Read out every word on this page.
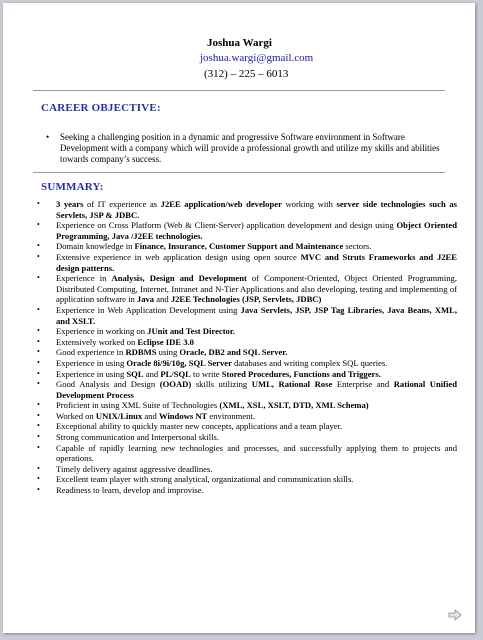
Joshua Wargi
joshua.wargi@gmail.com
(312) – 225 – 6013
CAREER OBJECTIVE:
• Seeking a challenging position in a dynamic and progressive Software environment in Software Development with a company which will provide a professional growth and utilize my skills and abilities towards company’s success.
SUMMARY:
• 3 years of IT experience as J2EE application/web developer working with server side technologies such as Servlets, JSP & JDBC.
• Experience on Cross Platform (Web & Client-Server) application development and design using Object Oriented Programming, Java /J2EE technologies.
• Domain knowledge in Finance, Insurance, Customer Support and Maintenance sectors.
• Extensive experience in web application design using open source MVC and Struts Frameworks and J2EE design patterns.
• Experience in Analysis, Design and Development of Component-Oriented, Object Oriented Programming, Distributed Computing, Internet, Intranet and N-Tier Applications and also developing, testing and implementing of application software in Java and J2EE Technologies (JSP, Servlets, JDBC)
• Experience in Web Application Development using Java Servlets, JSP, JSP Tag Libraries, Java Beans, XML, and XSLT.
• Experience in working on JUnit and Test Director.
• Extensively worked on Eclipse IDE 3.0
• Good experience in RDBMS using Oracle, DB2 and SQL Server.
• Experience in using Oracle 8i/9i/10g, SQL Server databases and writing complex SQL queries.
• Experience in using SQL and PL/SQL to write Stored Procedures, Functions and Triggers.
• Good Analysis and Design (OOAD) skills utilizing UML, Rational Rose Enterprise and Rational Unified Development Process
• Proficient in using XML Suite of Technologies (XML, XSL, XSLT, DTD, XML Schema)
• Worked on UNIX/Linux and Windows NT environment.
• Exceptional ability to quickly master new concepts, applications and a team player.
• Strong communication and Interpersonal skills.
• Capable of rapidly learning new technologies and processes, and successfully applying them to projects and operations.
• Timely delivery against aggressive deadlines.
• Excellent team player with strong analytical, organizational and communication skills.
• Readiness to learn, develop and improvise.
